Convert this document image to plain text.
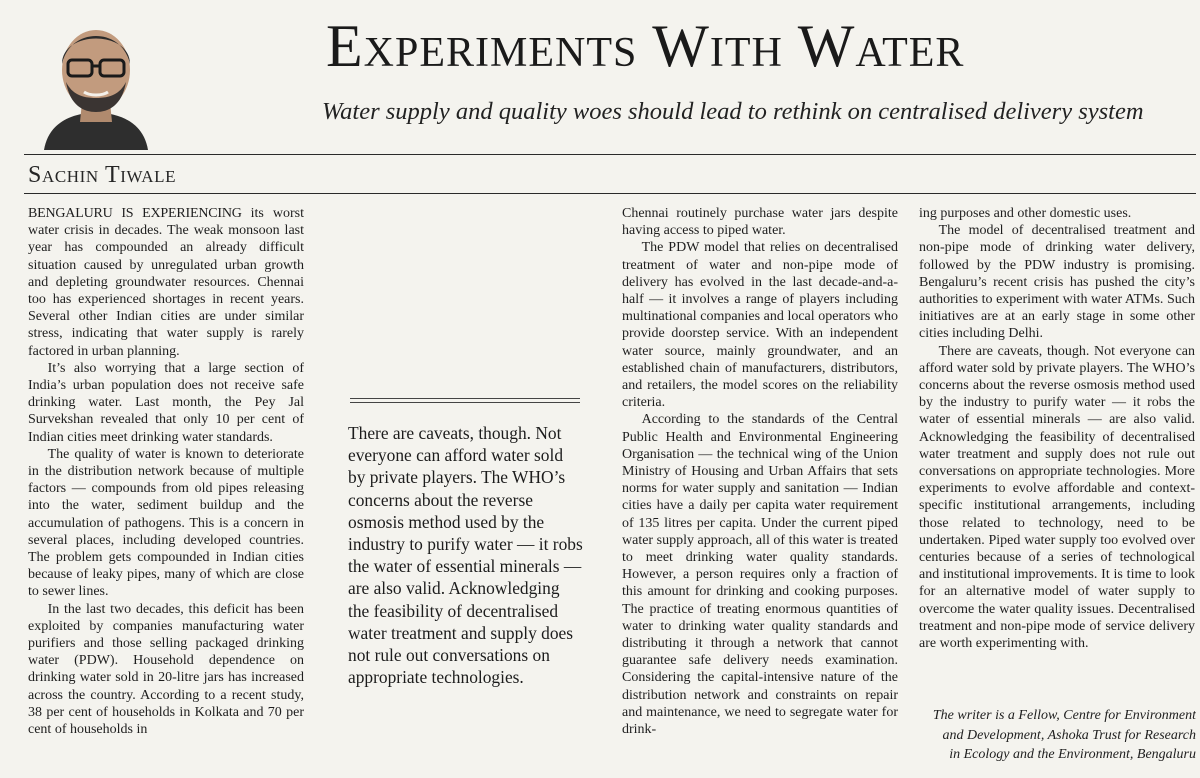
Experiments With Water
Water supply and quality woes should lead to rethink on centralised delivery system
Sachin Tiwale

BENGALURU IS EXPERIENCING its worst water crisis in decades. The weak monsoon last year has compounded an already difficult situation caused by unregulated urban growth and depleting groundwater resources. Chennai too has experienced shortages in recent years. Several other Indian cities are under similar stress, indicating that water supply is rarely factored in urban planning.

It’s also worrying that a large section of India’s urban population does not receive safe drinking water. Last month, the Pey Jal Survekshan revealed that only 10 per cent of Indian cities meet drinking water standards.

The quality of water is known to deteriorate in the distribution network because of multiple factors — compounds from old pipes releasing into the water, sediment buildup and the accumulation of pathogens. This is a concern in several places, including developed countries. The problem gets compounded in Indian cities because of leaky pipes, many of which are close to sewer lines.

In the last two decades, this deficit has been exploited by companies manufacturing water purifiers and those selling packaged drinking water (PDW). Household dependence on drinking water sold in 20-litre jars has increased across the country. According to a recent study, 38 per cent of households in Kolkata and 70 per cent of households in

There are caveats, though. Not everyone can afford water sold by private players. The WHO’s concerns about the reverse osmosis method used by the industry to purify water — it robs the water of essential minerals — are also valid. Acknowledging the feasibility of decentralised water treatment and supply does not rule out conversations on appropriate technologies.

Chennai routinely purchase water jars despite having access to piped water.

The PDW model that relies on decentralised treatment of water and non-pipe mode of delivery has evolved in the last decade-and-a-half — it involves a range of players including multinational companies and local operators who provide doorstep service. With an independent water source, mainly groundwater, and an established chain of manufacturers, distributors, and retailers, the model scores on the reliability criteria.

According to the standards of the Central Public Health and Environmental Engineering Organisation — the technical wing of the Union Ministry of Housing and Urban Affairs that sets norms for water supply and sanitation — Indian cities have a daily per capita water requirement of 135 litres per capita. Under the current piped water supply approach, all of this water is treated to meet drinking water quality standards. However, a person requires only a fraction of this amount for drinking and cooking purposes. The practice of treating enormous quantities of water to drinking water quality standards and distributing it through a network that cannot guarantee safe delivery needs examination. Considering the capital-intensive nature of the distribution network and constraints on repair and maintenance, we need to segregate water for drink-

ing purposes and other domestic uses.

The model of decentralised treatment and non-pipe mode of drinking water delivery, followed by the PDW industry is promising. Bengaluru’s recent crisis has pushed the city’s authorities to experiment with water ATMs. Such initiatives are at an early stage in some other cities including Delhi.

There are caveats, though. Not everyone can afford water sold by private players. The WHO’s concerns about the reverse osmosis method used by the industry to purify water — it robs the water of essential minerals — are also valid. Acknowledging the feasibility of decentralised water treatment and supply does not rule out conversations on appropriate technologies. More experiments to evolve affordable and context-specific institutional arrangements, including those related to technology, need to be undertaken. Piped water supply too evolved over centuries because of a series of technological and institutional improvements. It is time to look for an alternative model of water supply to overcome the water quality issues. Decentralised treatment and non-pipe mode of service delivery are worth experimenting with.

The writer is a Fellow, Centre for Environment
and Development, Ashoka Trust for Research
in Ecology and the Environment, Bengaluru
